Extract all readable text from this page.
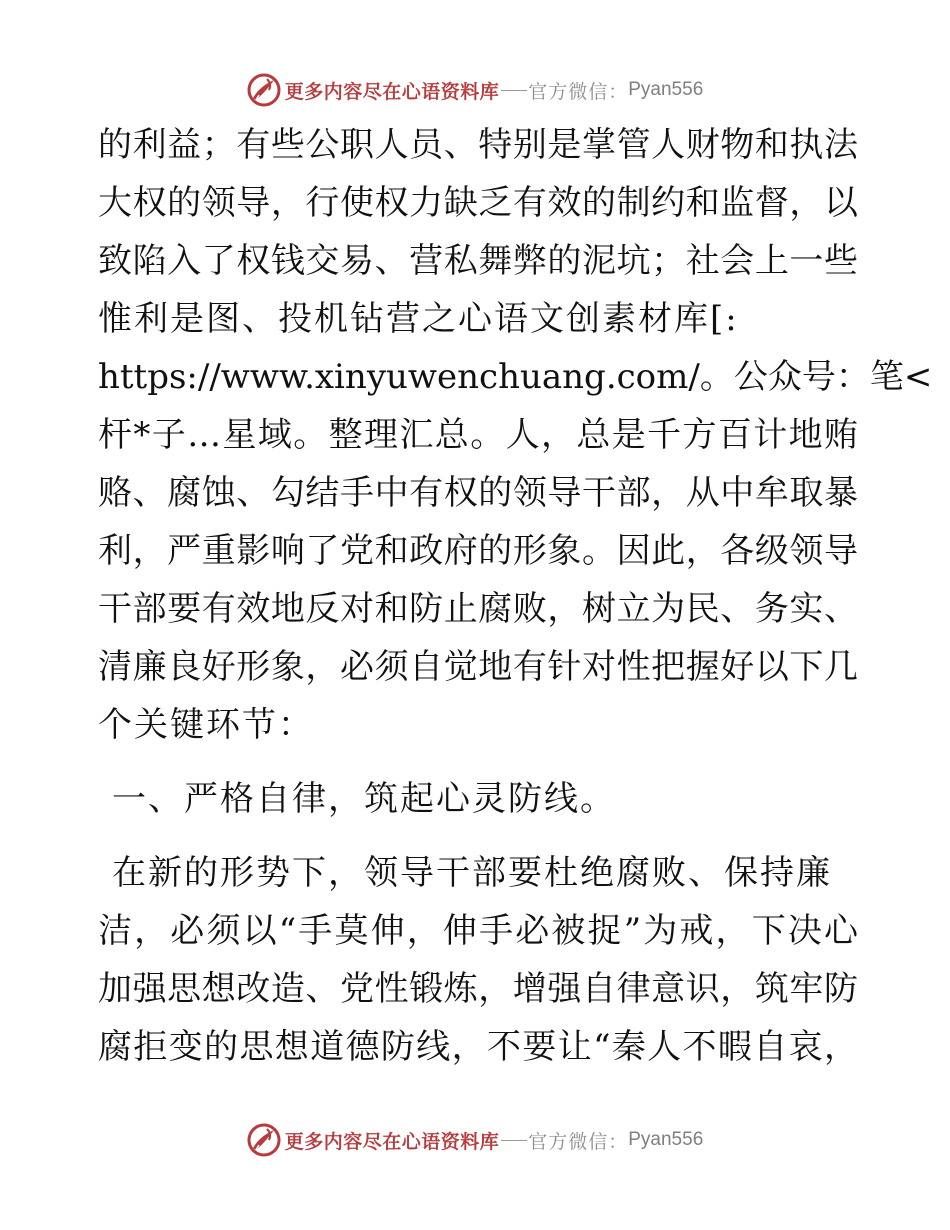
更多内容尽在心语资料库 官方微信： Pyan556
的利益；有些公职人员、特别是掌管人财物和执法
大权的领导，行使权力缺乏有效的制约和监督，以
致陷入了权钱交易、营私舞弊的泥坑；社会上一些
惟利是图、投机钻营之心语文创素材库[:
https://www.xinyuwenchuang.com/。公众号：笔<
杆*子…星域。整理汇总。人，总是千方百计地贿
赂、腐蚀、勾结手中有权的领导干部，从中牟取暴
利，严重影响了党和政府的形象。因此，各级领导
干部要有效地反对和防止腐败，树立为民、务实、
清廉良好形象，必须自觉地有针对性把握好以下几
个关键环节：
一、严格自律，筑起心灵防线。
在新的形势下，领导干部要杜绝腐败、保持廉
洁，必须以“手莫伸，伸手必被捉”为戒，下决心
加强思想改造、党性锻炼，增强自律意识，筑牢防
腐拒变的思想道德防线，不要让“秦人不暇自哀，
更多内容尽在心语资料库 官方微信： Pyan556
